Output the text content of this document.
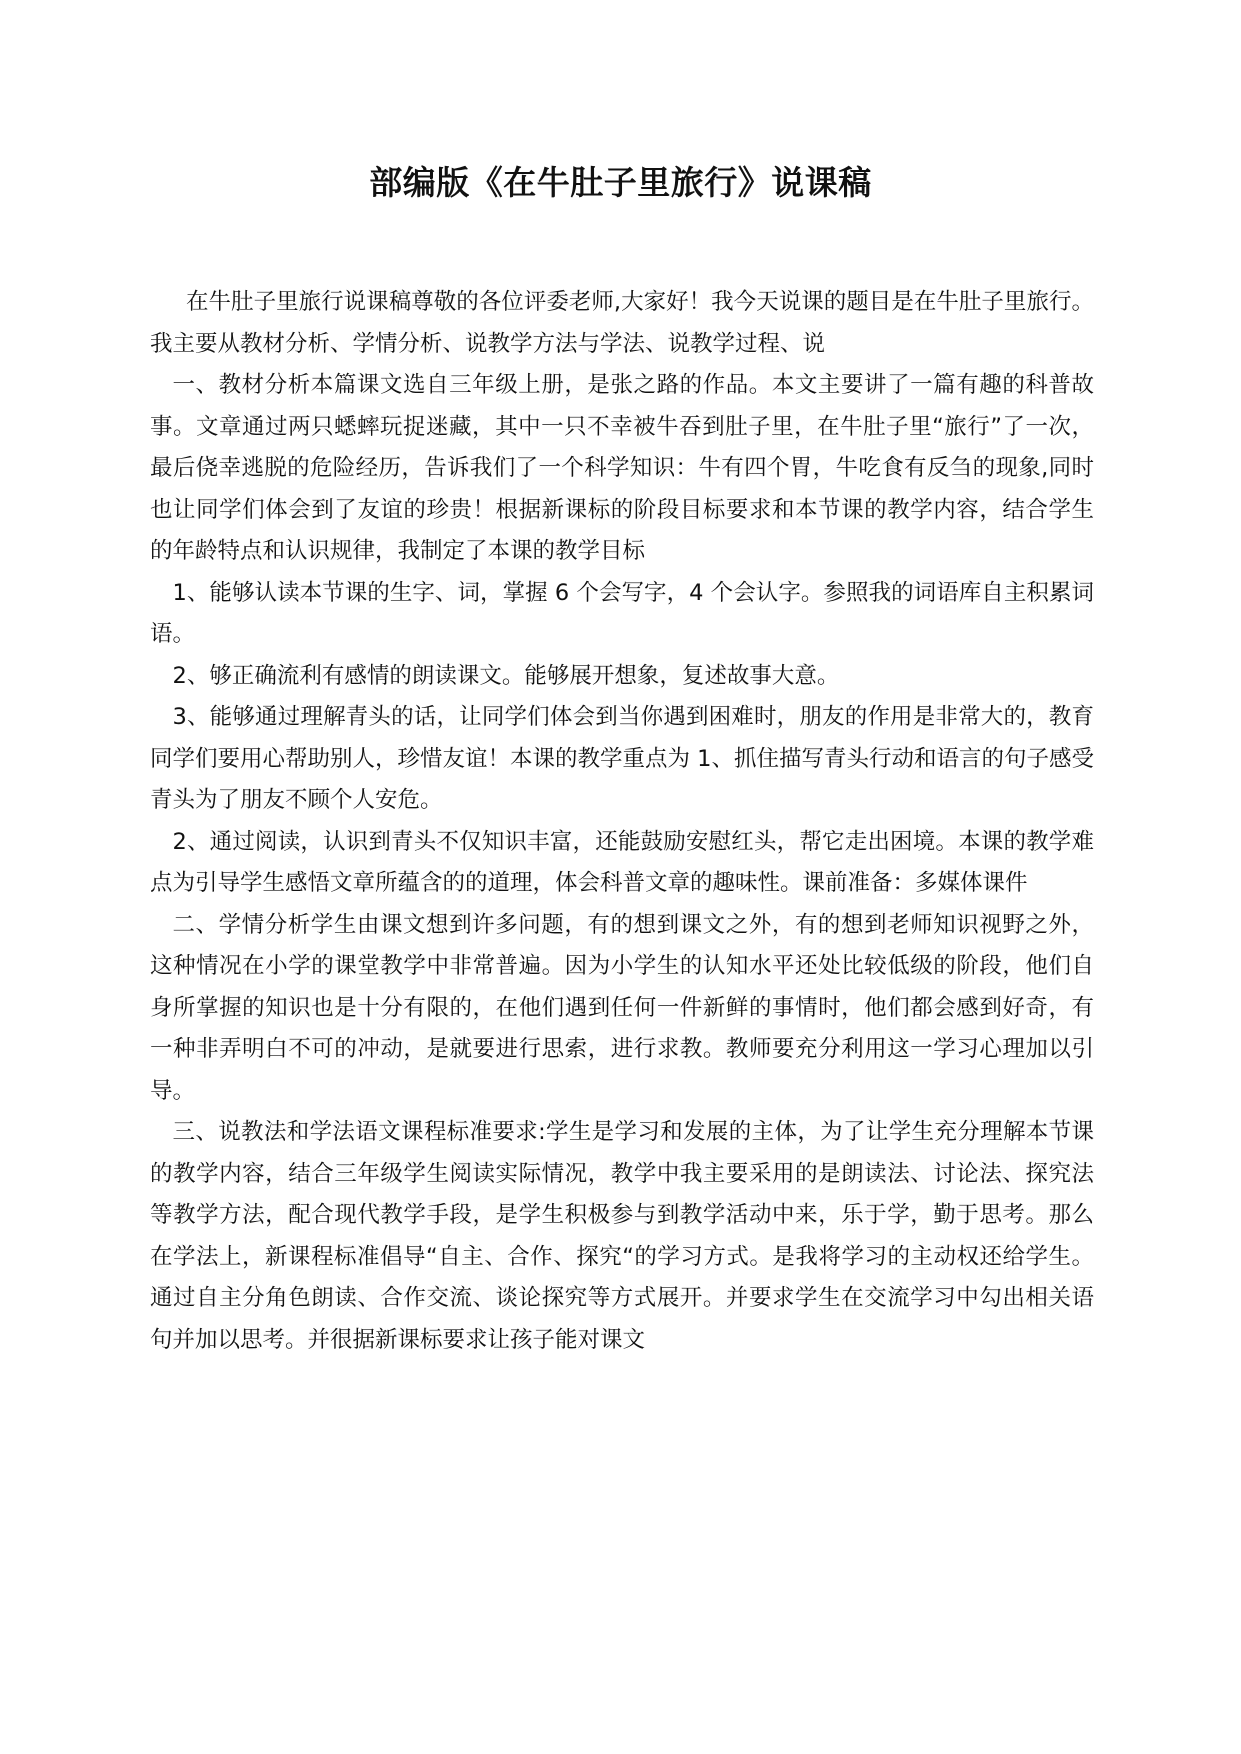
部编版《在牛肚子里旅行》说课稿

在牛肚子里旅行说课稿尊敬的各位评委老师,大家好！我今天说课的题目是在牛肚子里旅行。我主要从教材分析、学情分析、说教学方法与学法、说教学过程、说

一、教材分析本篇课文选自三年级上册，是张之路的作品。本文主要讲了一篇有趣的科普故事。文章通过两只蟋蟀玩捉迷藏，其中一只不幸被牛吞到肚子里，在牛肚子里“旅行”了一次，最后侥幸逃脱的危险经历，告诉我们了一个科学知识：牛有四个胃，牛吃食有反刍的现象,同时也让同学们体会到了友谊的珍贵！根据新课标的阶段目标要求和本节课的教学内容，结合学生的年龄特点和认识规律，我制定了本课的教学目标

1、能够认读本节课的生字、词，掌握 6 个会写字，4 个会认字。参照我的词语库自主积累词语。

2、够正确流利有感情的朗读课文。能够展开想象，复述故事大意。

3、能够通过理解青头的话，让同学们体会到当你遇到困难时，朋友的作用是非常大的，教育同学们要用心帮助别人，珍惜友谊！本课的教学重点为 1、抓住描写青头行动和语言的句子感受青头为了朋友不顾个人安危。

2、通过阅读，认识到青头不仅知识丰富，还能鼓励安慰红头，帮它走出困境。本课的教学难点为引导学生感悟文章所蕴含的的道理，体会科普文章的趣味性。课前准备：多媒体课件

二、学情分析学生由课文想到许多问题，有的想到课文之外，有的想到老师知识视野之外，这种情况在小学的课堂教学中非常普遍。因为小学生的认知水平还处比较低级的阶段，他们自身所掌握的知识也是十分有限的，在他们遇到任何一件新鲜的事情时，他们都会感到好奇，有一种非弄明白不可的冲动，是就要进行思索，进行求教。教师要充分利用这一学习心理加以引导。

三、说教法和学法语文课程标准要求:学生是学习和发展的主体，为了让学生充分理解本节课的教学内容，结合三年级学生阅读实际情况，教学中我主要采用的是朗读法、讨论法、探究法等教学方法，配合现代教学手段，是学生积极参与到教学活动中来，乐于学，勤于思考。那么在学法上，新课程标准倡导“自主、合作、探究“的学习方式。是我将学习的主动权还给学生。通过自主分角色朗读、合作交流、谈论探究等方式展开。并要求学生在交流学习中勾出相关语句并加以思考。并很据新课标要求让孩子能对课文
